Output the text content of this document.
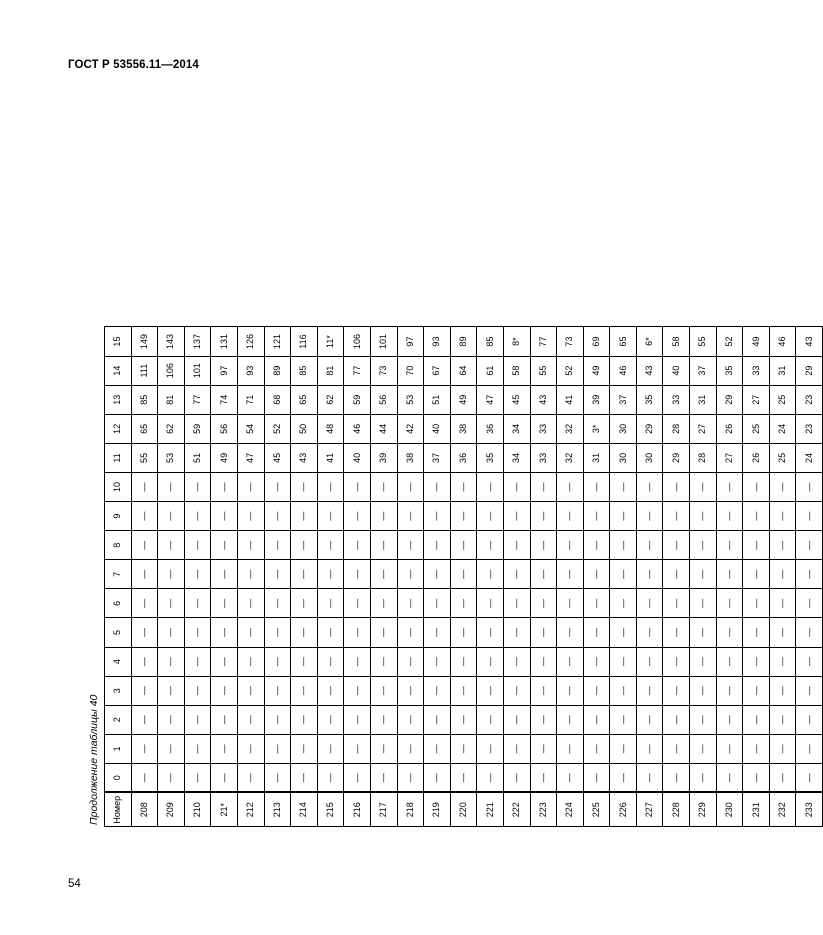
ГОСТ Р 53556.11—2014
Продолжение таблицы 40 Номер	0	1	2	3	4	5	6	7	8	9	10	11	12	13	14	15
208	—	—	—	—	—	—	—	—	—	—	—	55	65	85	111	149
209	—	—	—	—	—	—	—	—	—	—	—	53	62	81	106	143
210	—	—	—	—	—	—	—	—	—	—	—	51	59	77	101	137
21*	—	—	—	—	—	—	—	—	—	—	—	49	56	74	97	131
212	—	—	—	—	—	—	—	—	—	—	—	47	54	71	93	126
213	—	—	—	—	—	—	—	—	—	—	—	45	52	68	89	121
214	—	—	—	—	—	—	—	—	—	—	—	43	50	65	85	116
215	—	—	—	—	—	—	—	—	—	—	—	41	48	62	81	11*
216	—	—	—	—	—	—	—	—	—	—	—	40	46	59	77	106
217	—	—	—	—	—	—	—	—	—	—	—	39	44	56	73	101
218	—	—	—	—	—	—	—	—	—	—	—	38	42	53	70	97
219	—	—	—	—	—	—	—	—	—	—	—	37	40	51	67	93
220	—	—	—	—	—	—	—	—	—	—	—	36	38	49	64	89
221	—	—	—	—	—	—	—	—	—	—	—	35	36	47	61	85
222	—	—	—	—	—	—	—	—	—	—	—	34	34	45	58	8*
223	—	—	—	—	—	—	—	—	—	—	—	33	33	43	55	77
224	—	—	—	—	—	—	—	—	—	—	—	32	32	41	52	73
225	—	—	—	—	—	—	—	—	—	—	—	31	3*	39	49	69
226	—	—	—	—	—	—	—	—	—	—	—	30	30	37	46	65
227	—	—	—	—	—	—	—	—	—	—	—	30	29	35	43	6*
228	—	—	—	—	—	—	—	—	—	—	—	29	28	33	40	58
229	—	—	—	—	—	—	—	—	—	—	—	28	27	31	37	55
230	—	—	—	—	—	—	—	—	—	—	—	27	26	29	35	52
231	—	—	—	—	—	—	—	—	—	—	—	26	25	27	33	49
232	—	—	—	—	—	—	—	—	—	—	—	25	24	25	31	46
233	—	—	—	—	—	—	—	—	—	—	—	24	23	23	29	43
54
